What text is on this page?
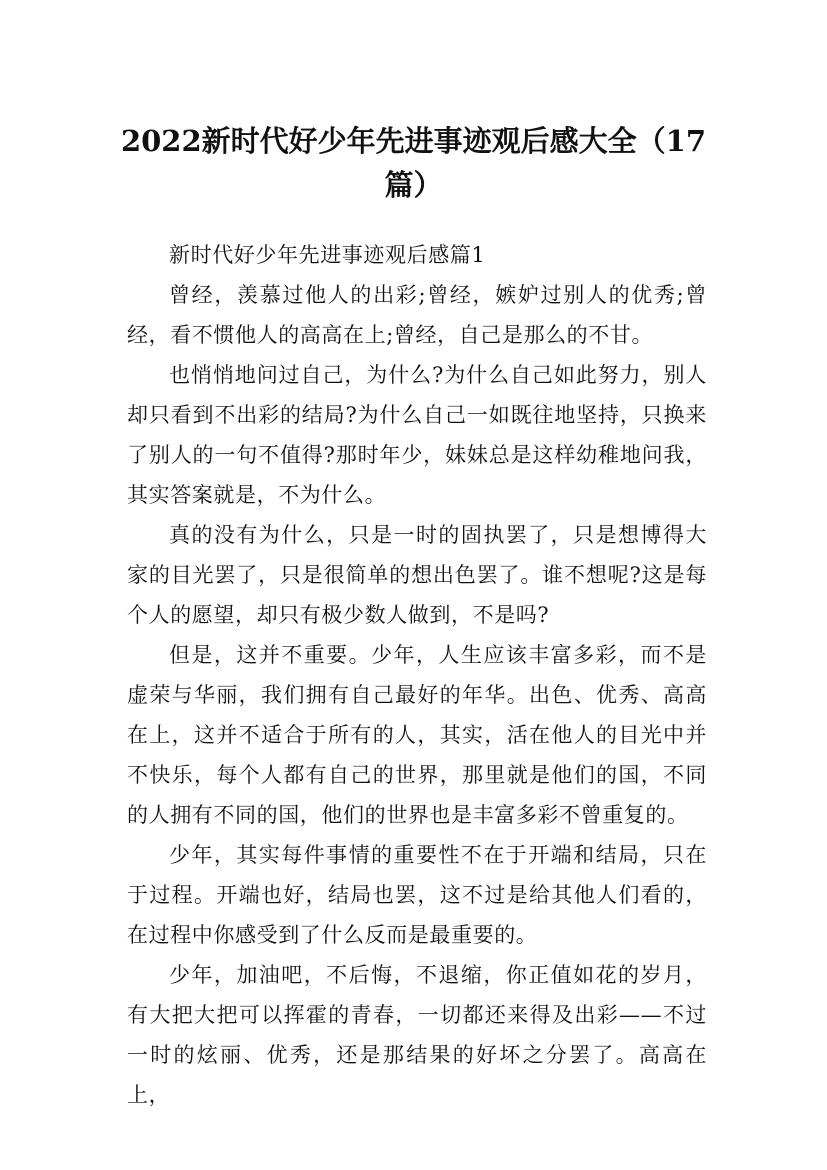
2022新时代好少年先进事迹观后感大全（17篇）

新时代好少年先进事迹观后感篇1

曾经，羡慕过他人的出彩;曾经，嫉妒过别人的优秀;曾经，看不惯他人的高高在上;曾经，自己是那么的不甘。

也悄悄地问过自己，为什么?为什么自己如此努力，别人却只看到不出彩的结局?为什么自己一如既往地坚持，只换来了别人的一句不值得?那时年少，妹妹总是这样幼稚地问我，其实答案就是，不为什么。

真的没有为什么，只是一时的固执罢了，只是想博得大家的目光罢了，只是很简单的想出色罢了。谁不想呢?这是每个人的愿望，却只有极少数人做到，不是吗?

但是，这并不重要。少年，人生应该丰富多彩，而不是虚荣与华丽，我们拥有自己最好的年华。出色、优秀、高高在上，这并不适合于所有的人，其实，活在他人的目光中并不快乐，每个人都有自己的世界，那里就是他们的国，不同的人拥有不同的国，他们的世界也是丰富多彩不曾重复的。

少年，其实每件事情的重要性不在于开端和结局，只在于过程。开端也好，结局也罢，这不过是给其他人们看的，在过程中你感受到了什么反而是最重要的。

少年，加油吧，不后悔，不退缩，你正值如花的岁月，有大把大把可以挥霍的青春，一切都还来得及出彩——不过一时的炫丽、优秀，还是那结果的好坏之分罢了。高高在上，
